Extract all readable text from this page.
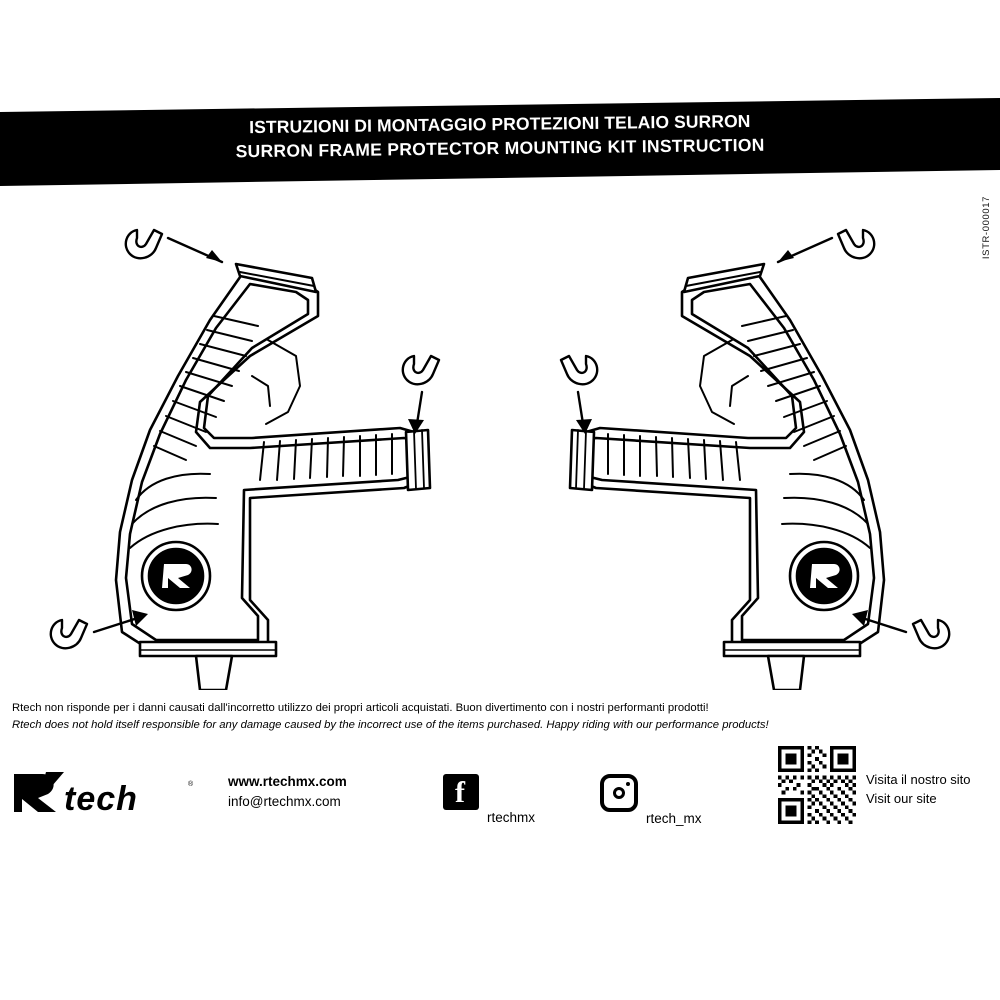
ISTRUZIONI DI MONTAGGIO PROTEZIONI TELAIO SURRON
SURRON FRAME PROTECTOR MOUNTING KIT INSTRUCTION
ISTR-000017
Rtech non risponde per i danni causati dall'incorretto utilizzo dei propri articoli acquistati. Buon divertimento con i nostri performanti prodotti!
Rtech does not hold itself responsible for any damage caused by the incorrect use of the items purchased. Happy riding with our performance products!
tech	®	www.rtechmx.com
info@rtechmx.com	f
rtechmx	rtech_mx
Visita il nostro sito
Visit our site
